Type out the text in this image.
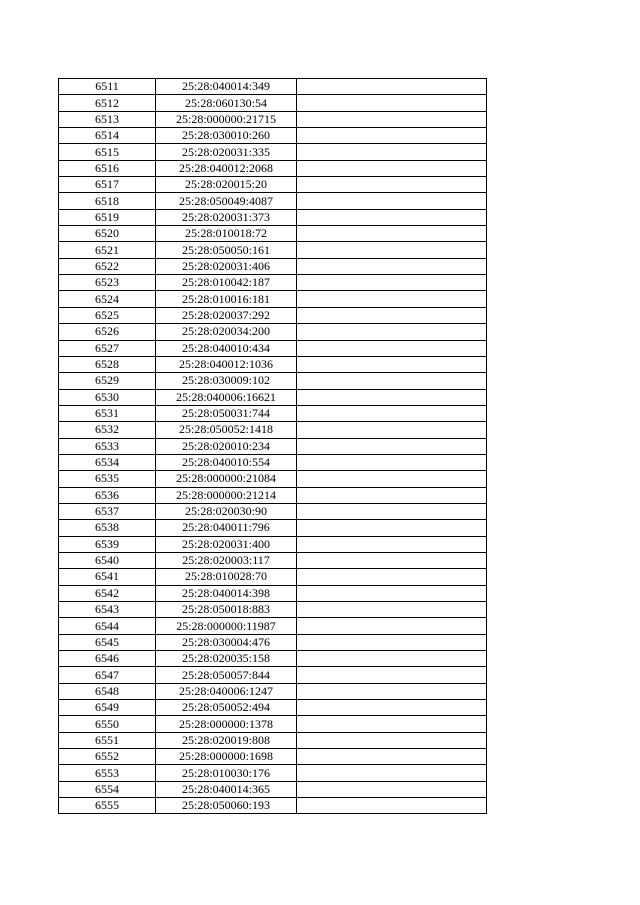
6511	25:28:040014:349	
6512	25:28:060130:54	
6513	25:28:000000:21715	
6514	25:28:030010:260	
6515	25:28:020031:335	
6516	25:28:040012:2068	
6517	25:28:020015:20	
6518	25:28:050049:4087	
6519	25:28:020031:373	
6520	25:28:010018:72	
6521	25:28:050050:161	
6522	25:28:020031:406	
6523	25:28:010042:187	
6524	25:28:010016:181	
6525	25:28:020037:292	
6526	25:28:020034:200	
6527	25:28:040010:434	
6528	25:28:040012:1036	
6529	25:28:030009:102	
6530	25:28:040006:16621	
6531	25:28:050031:744	
6532	25:28:050052:1418	
6533	25:28:020010:234	
6534	25:28:040010:554	
6535	25:28:000000:21084	
6536	25:28:000000:21214	
6537	25:28:020030:90	
6538	25:28:040011:796	
6539	25:28:020031:400	
6540	25:28:020003:117	
6541	25:28:010028:70	
6542	25:28:040014:398	
6543	25:28:050018:883	
6544	25:28:000000:11987	
6545	25:28:030004:476	
6546	25:28:020035:158	
6547	25:28:050057:844	
6548	25:28:040006:1247	
6549	25:28:050052:494	
6550	25:28:000000:1378	
6551	25:28:020019:808	
6552	25:28:000000:1698	
6553	25:28:010030:176	
6554	25:28:040014:365	
6555	25:28:050060:193	
